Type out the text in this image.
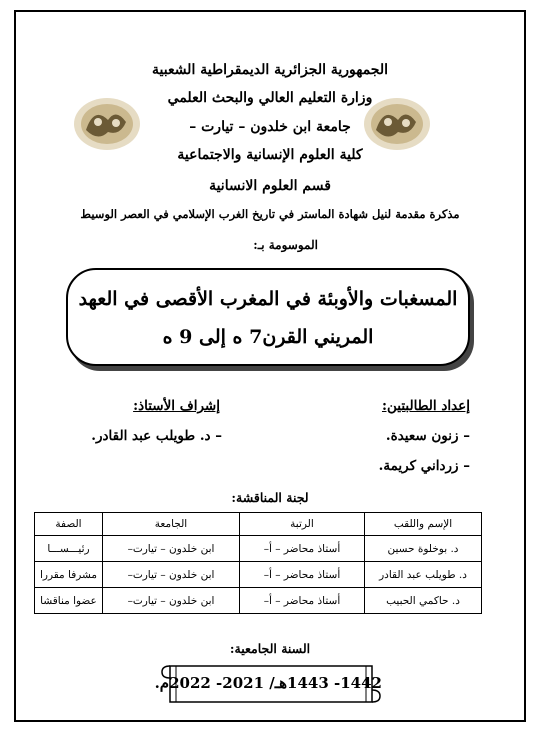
الجمهورية الجزائرية الديمقراطية الشعبية
وزارة التعليم العالي والبحث العلمي
جامعة ابن خلدون – تيارت –
كلية العلوم الإنسانية والاجتماعية
قسم العلوم الانسانية
مذكرة مقدمة لنيل شهادة الماستر في تاريخ الغرب الإسلامي في العصر الوسيط
الموسومة بـ:
المسغبات والأوبئة في المغرب الأقصى في العهد
المريني القرن7 ه إلى 9 ه
إعداد الطالبتين:
– زنون سعيدة.
– زرداني كريمة.
إشراف الأستاذ:
– د. طويلب عبد القادر.
لجنة المناقشة:
الإسم واللقب	الرتبة	الجامعة	الصفة
د. بوخلوة حسين	أستاذ محاضر – أ–	ابن خلدون – تيارت–	رئيـــســـا
د. طويلب عبد القادر	أستاذ محاضر – أ–	ابن خلدون – تيارت–	مشرفا مقررا
د. حاكمي الحبيب	أستاذ محاضر – أ–	ابن خلدون – تيارت–	عضوا مناقشا
السنة الجامعية:
1442- 1443هـ/ 2021- 2022م.
